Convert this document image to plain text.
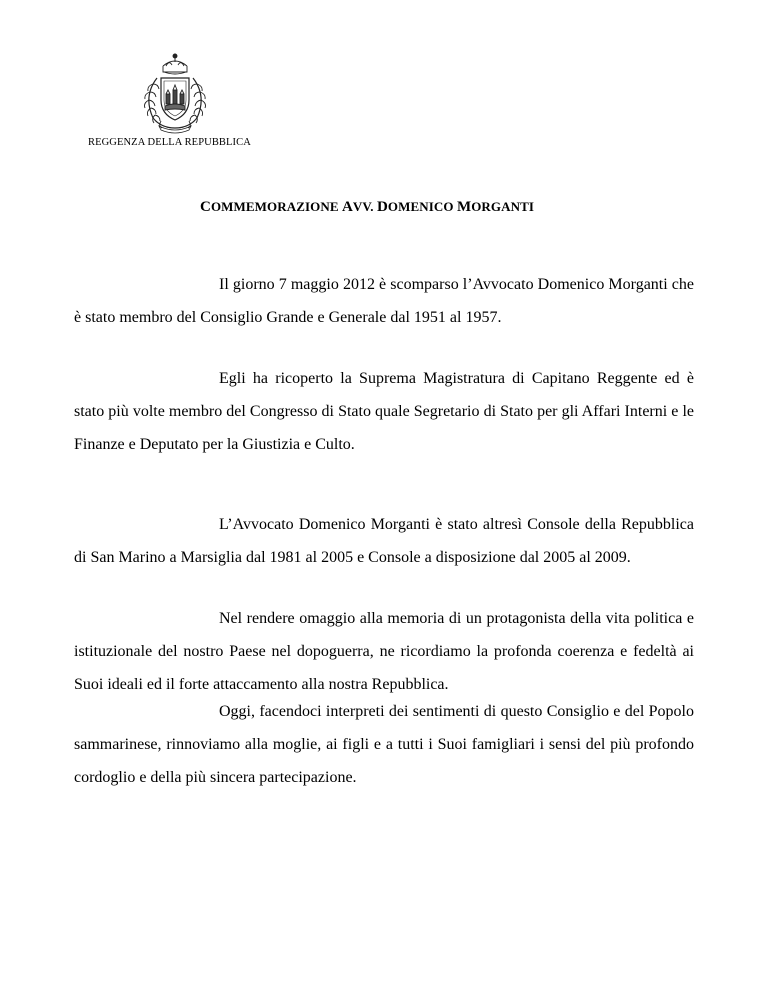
REGGENZA DELLA REPUBBLICA
COMMEMORAZIONE AVV. DOMENICO MORGANTI

Il giorno 7 maggio 2012 è scomparso l’Avvocato Domenico Morganti che è stato membro del Consiglio Grande e Generale dal 1951 al 1957.

Egli ha ricoperto la Suprema Magistratura di Capitano Reggente ed è stato più volte membro del Congresso di Stato quale Segretario di Stato per gli Affari Interni e le Finanze e Deputato per la Giustizia e Culto.

L’Avvocato Domenico Morganti è stato altresì Console della Repubblica di San Marino a Marsiglia dal 1981 al 2005 e Console a disposizione dal 2005 al 2009.

Nel rendere omaggio alla memoria di un protagonista della vita politica e istituzionale del nostro Paese nel dopoguerra, ne ricordiamo la profonda coerenza e fedeltà ai Suoi ideali ed il forte attaccamento alla nostra Repubblica.

Oggi, facendoci interpreti dei sentimenti di questo Consiglio e del Popolo sammarinese, rinnoviamo alla moglie, ai figli e a tutti i Suoi famigliari i sensi del più profondo cordoglio e della più sincera partecipazione.
